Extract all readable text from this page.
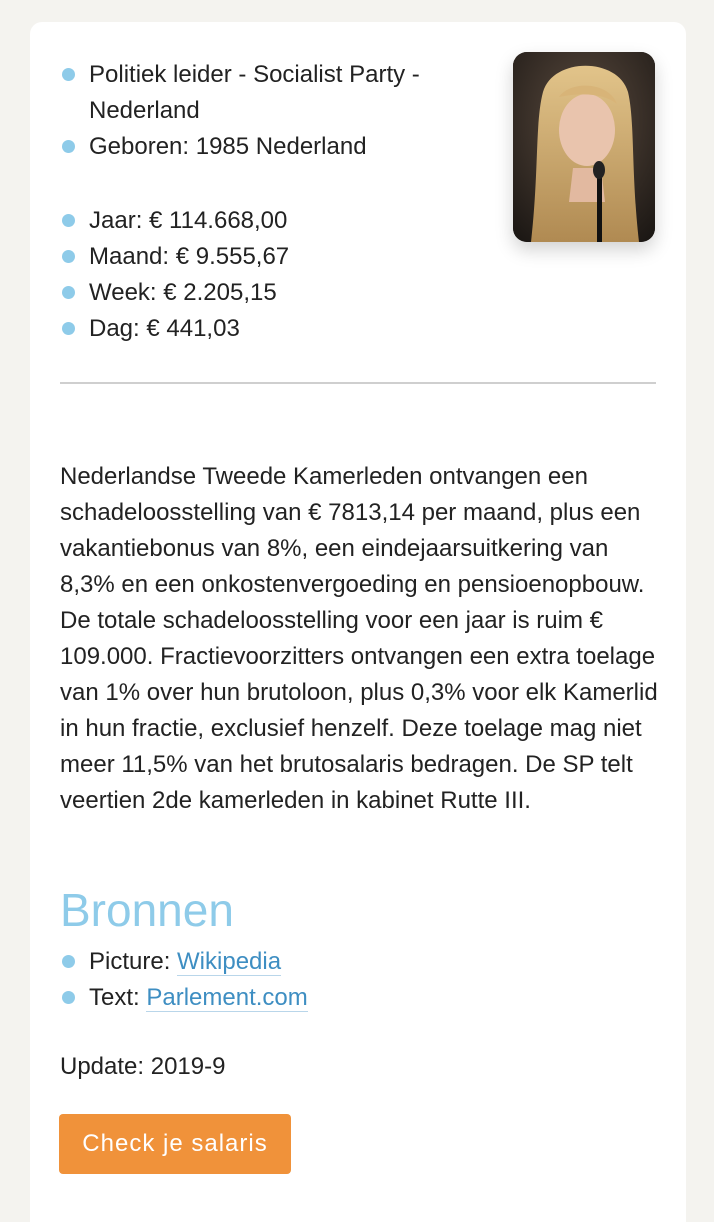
Politiek leider - Socialist Party - Nederland
Geboren: 1985 Nederland
Jaar: € 114.668,00
Maand: € 9.555,67
Week: € 2.205,15
Dag: € 441,03

Nederlandse Tweede Kamerleden ontvangen een schadeloosstelling van € 7813,14 per maand, plus een vakantiebonus van 8%, een eindejaarsuitkering van 8,3% en een onkostenvergoeding en pensioenopbouw. De totale schadeloosstelling voor een jaar is ruim € 109.000. Fractievoorzitters ontvangen een extra toelage van 1% over hun brutoloon, plus 0,3% voor elk Kamerlid in hun fractie, exclusief henzelf. Deze toelage mag niet meer 11,5% van het brutosalaris bedragen. De SP telt veertien 2de kamerleden in kabinet Rutte III.

Bronnen
Picture: Wikipedia
Text: Parlement.com
Update: 2019-9
Check je salaris
